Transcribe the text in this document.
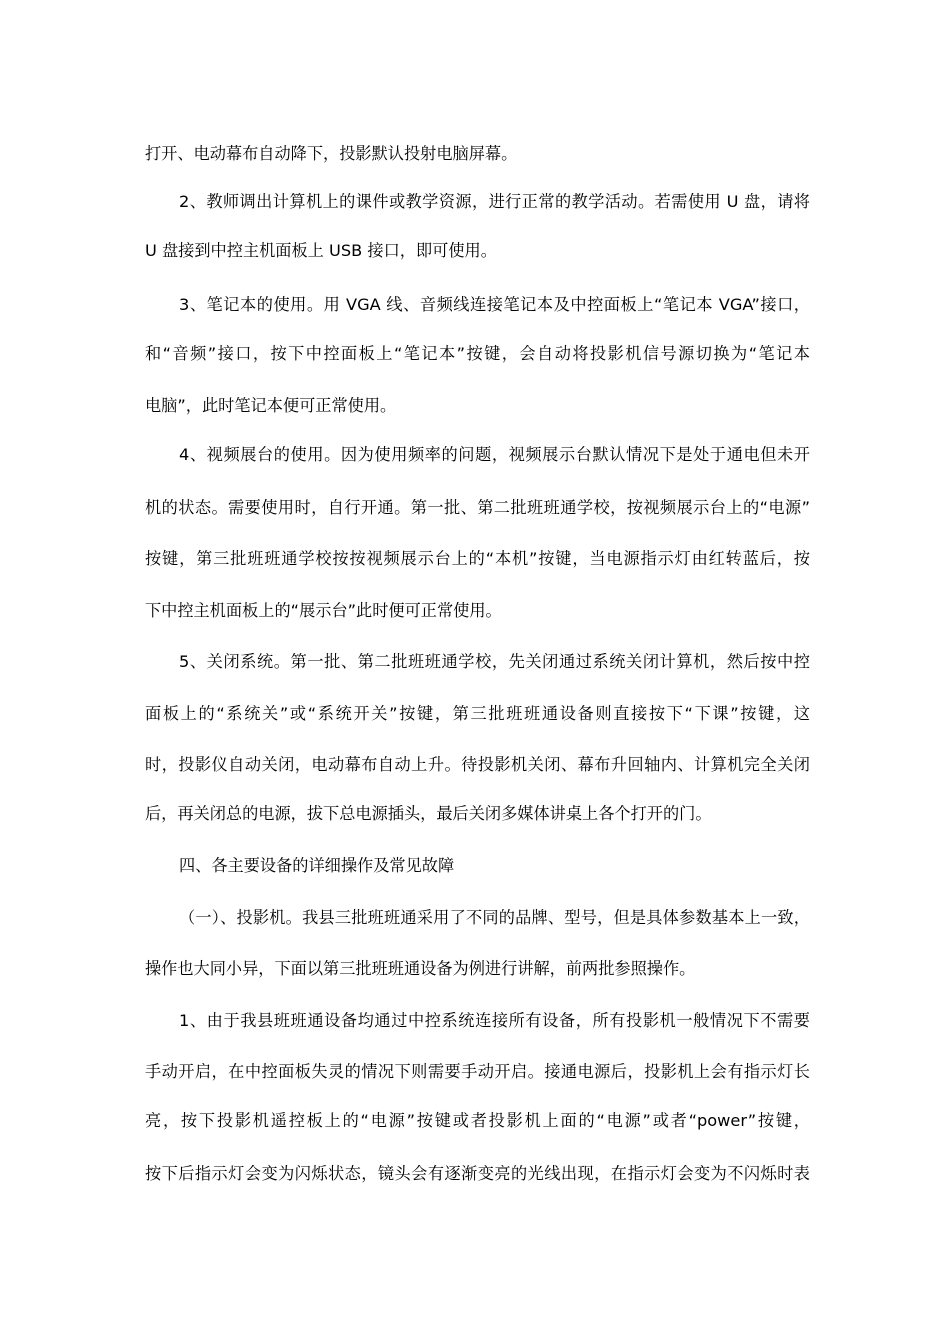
打开、电动幕布自动降下，投影默认投射电脑屏幕。
2、教师调出计算机上的课件或教学资源，进行正常的教学活动。若需使用 U 盘，请将
U 盘接到中控主机面板上 USB 接口，即可使用。
3、笔记本的使用。用 VGA 线、音频线连接笔记本及中控面板上“笔记本 VGA”接口，
和“音频”接口，按下中控面板上“笔记本”按键，会自动将投影机信号源切换为“笔记本
电脑”，此时笔记本便可正常使用。
4、视频展台的使用。因为使用频率的问题，视频展示台默认情况下是处于通电但未开
机的状态。需要使用时，自行开通。第一批、第二批班班通学校，按视频展示台上的“电源”
按键，第三批班班通学校按按视频展示台上的“本机”按键，当电源指示灯由红转蓝后，按
下中控主机面板上的“展示台”此时便可正常使用。
5、关闭系统。第一批、第二批班班通学校，先关闭通过系统关闭计算机，然后按中控
面板上的“系统关”或“系统开关”按键，第三批班班通设备则直接按下“下课”按键，这
时，投影仪自动关闭，电动幕布自动上升。待投影机关闭、幕布升回轴内、计算机完全关闭
后，再关闭总的电源，拔下总电源插头，最后关闭多媒体讲桌上各个打开的门。
四、各主要设备的详细操作及常见故障
（一）、投影机。我县三批班班通采用了不同的品牌、型号，但是具体参数基本上一致，
操作也大同小异，下面以第三批班班通设备为例进行讲解，前两批参照操作。
1、由于我县班班通设备均通过中控系统连接所有设备，所有投影机一般情况下不需要
手动开启，在中控面板失灵的情况下则需要手动开启。接通电源后，投影机上会有指示灯长
亮，按下投影机遥控板上的“电源”按键或者投影机上面的“电源”或者“power”按键，
按下后指示灯会变为闪烁状态，镜头会有逐渐变亮的光线出现，在指示灯会变为不闪烁时表
